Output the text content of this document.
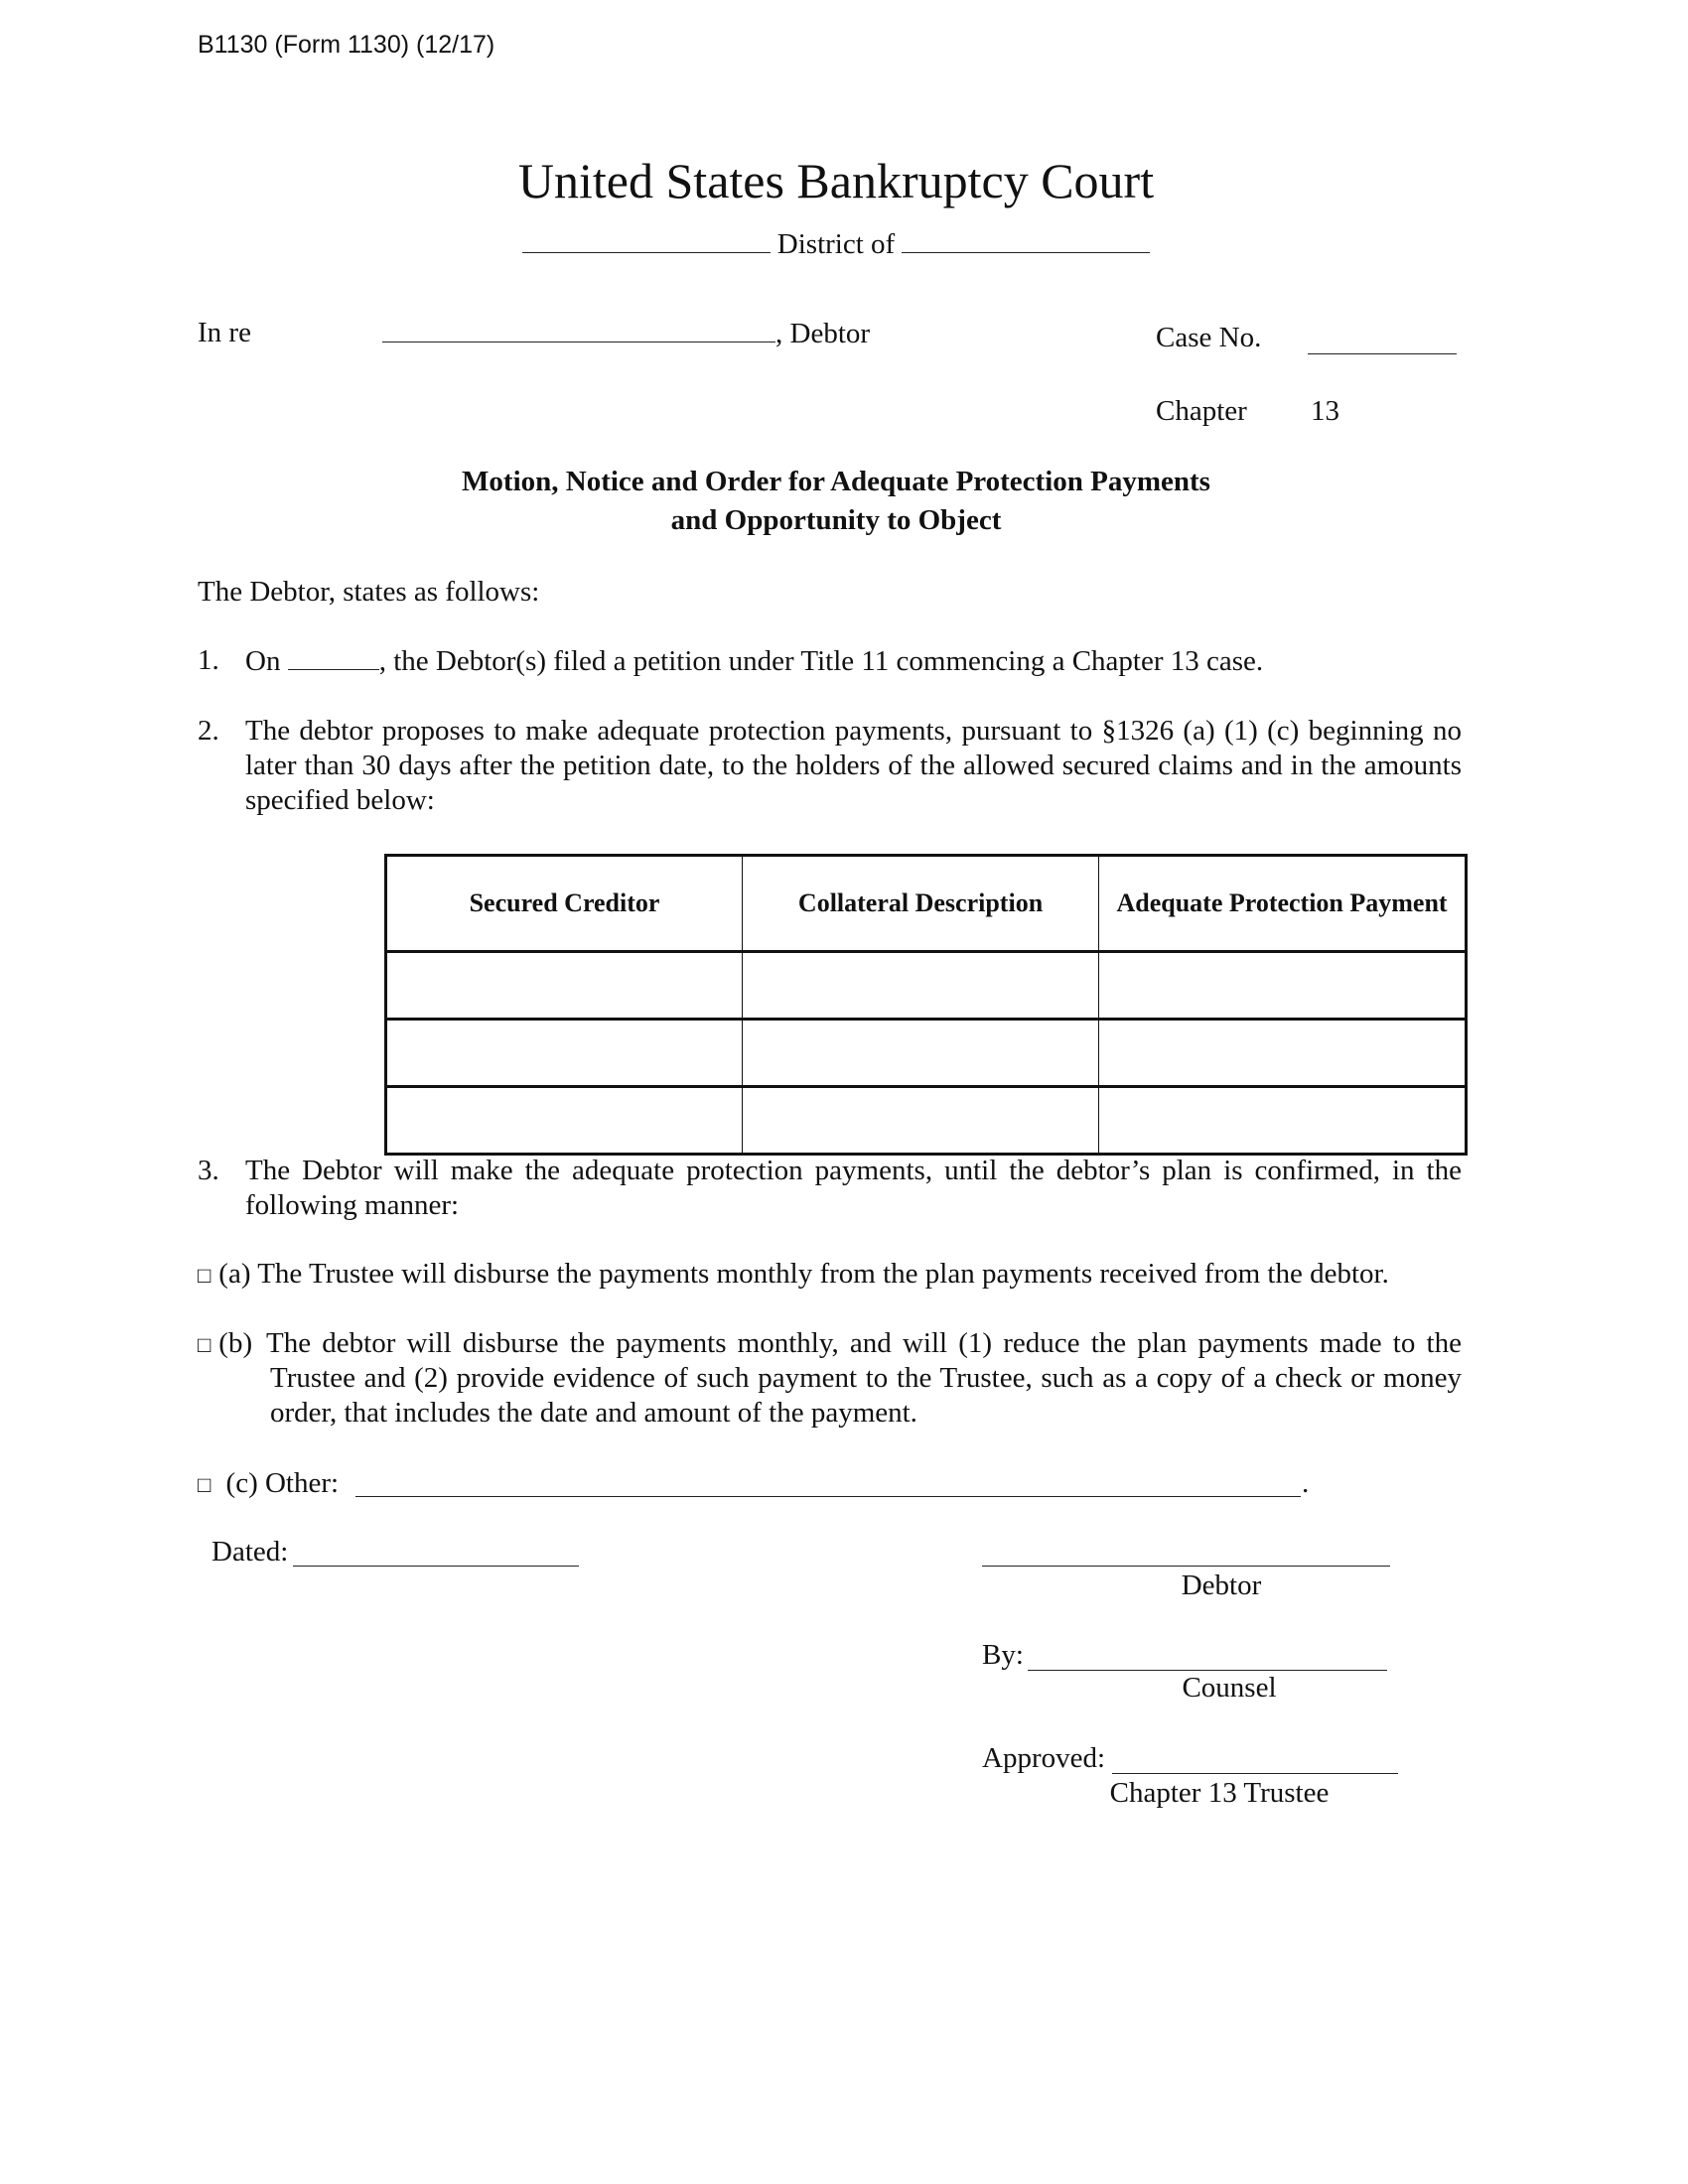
B1130 (Form 1130) (12/17)
United States Bankruptcy Court
District of
In re	, Debtor	Case No.
Chapter 13
Motion, Notice and Order for Adequate Protection Payments
and Opportunity to Object
The Debtor, states as follows:
1. On	, the Debtor(s) filed a petition under Title 11 commencing a Chapter 13 case.
2. The debtor proposes to make adequate protection payments, pursuant to §1326 (a) (1) (c) beginning no later than 30 days after the petition date, to the holders of the allowed secured claims and in the amounts specified below:
Secured Creditor	Collateral Description	Adequate Protection Payment

3. The Debtor will make the adequate protection payments, until the debtor’s plan is confirmed, in the following manner:
□ (a) The Trustee will disburse the payments monthly from the plan payments received from the debtor.
□ (b) The debtor will disburse the payments monthly, and will (1) reduce the plan payments made to the Trustee and (2) provide evidence of such payment to the Trustee, such as a copy of a check or money order, that includes the date and amount of the payment.
□ (c) Other:	.
Dated:
Debtor
By:
Counsel
Approved:
Chapter 13 Trustee
